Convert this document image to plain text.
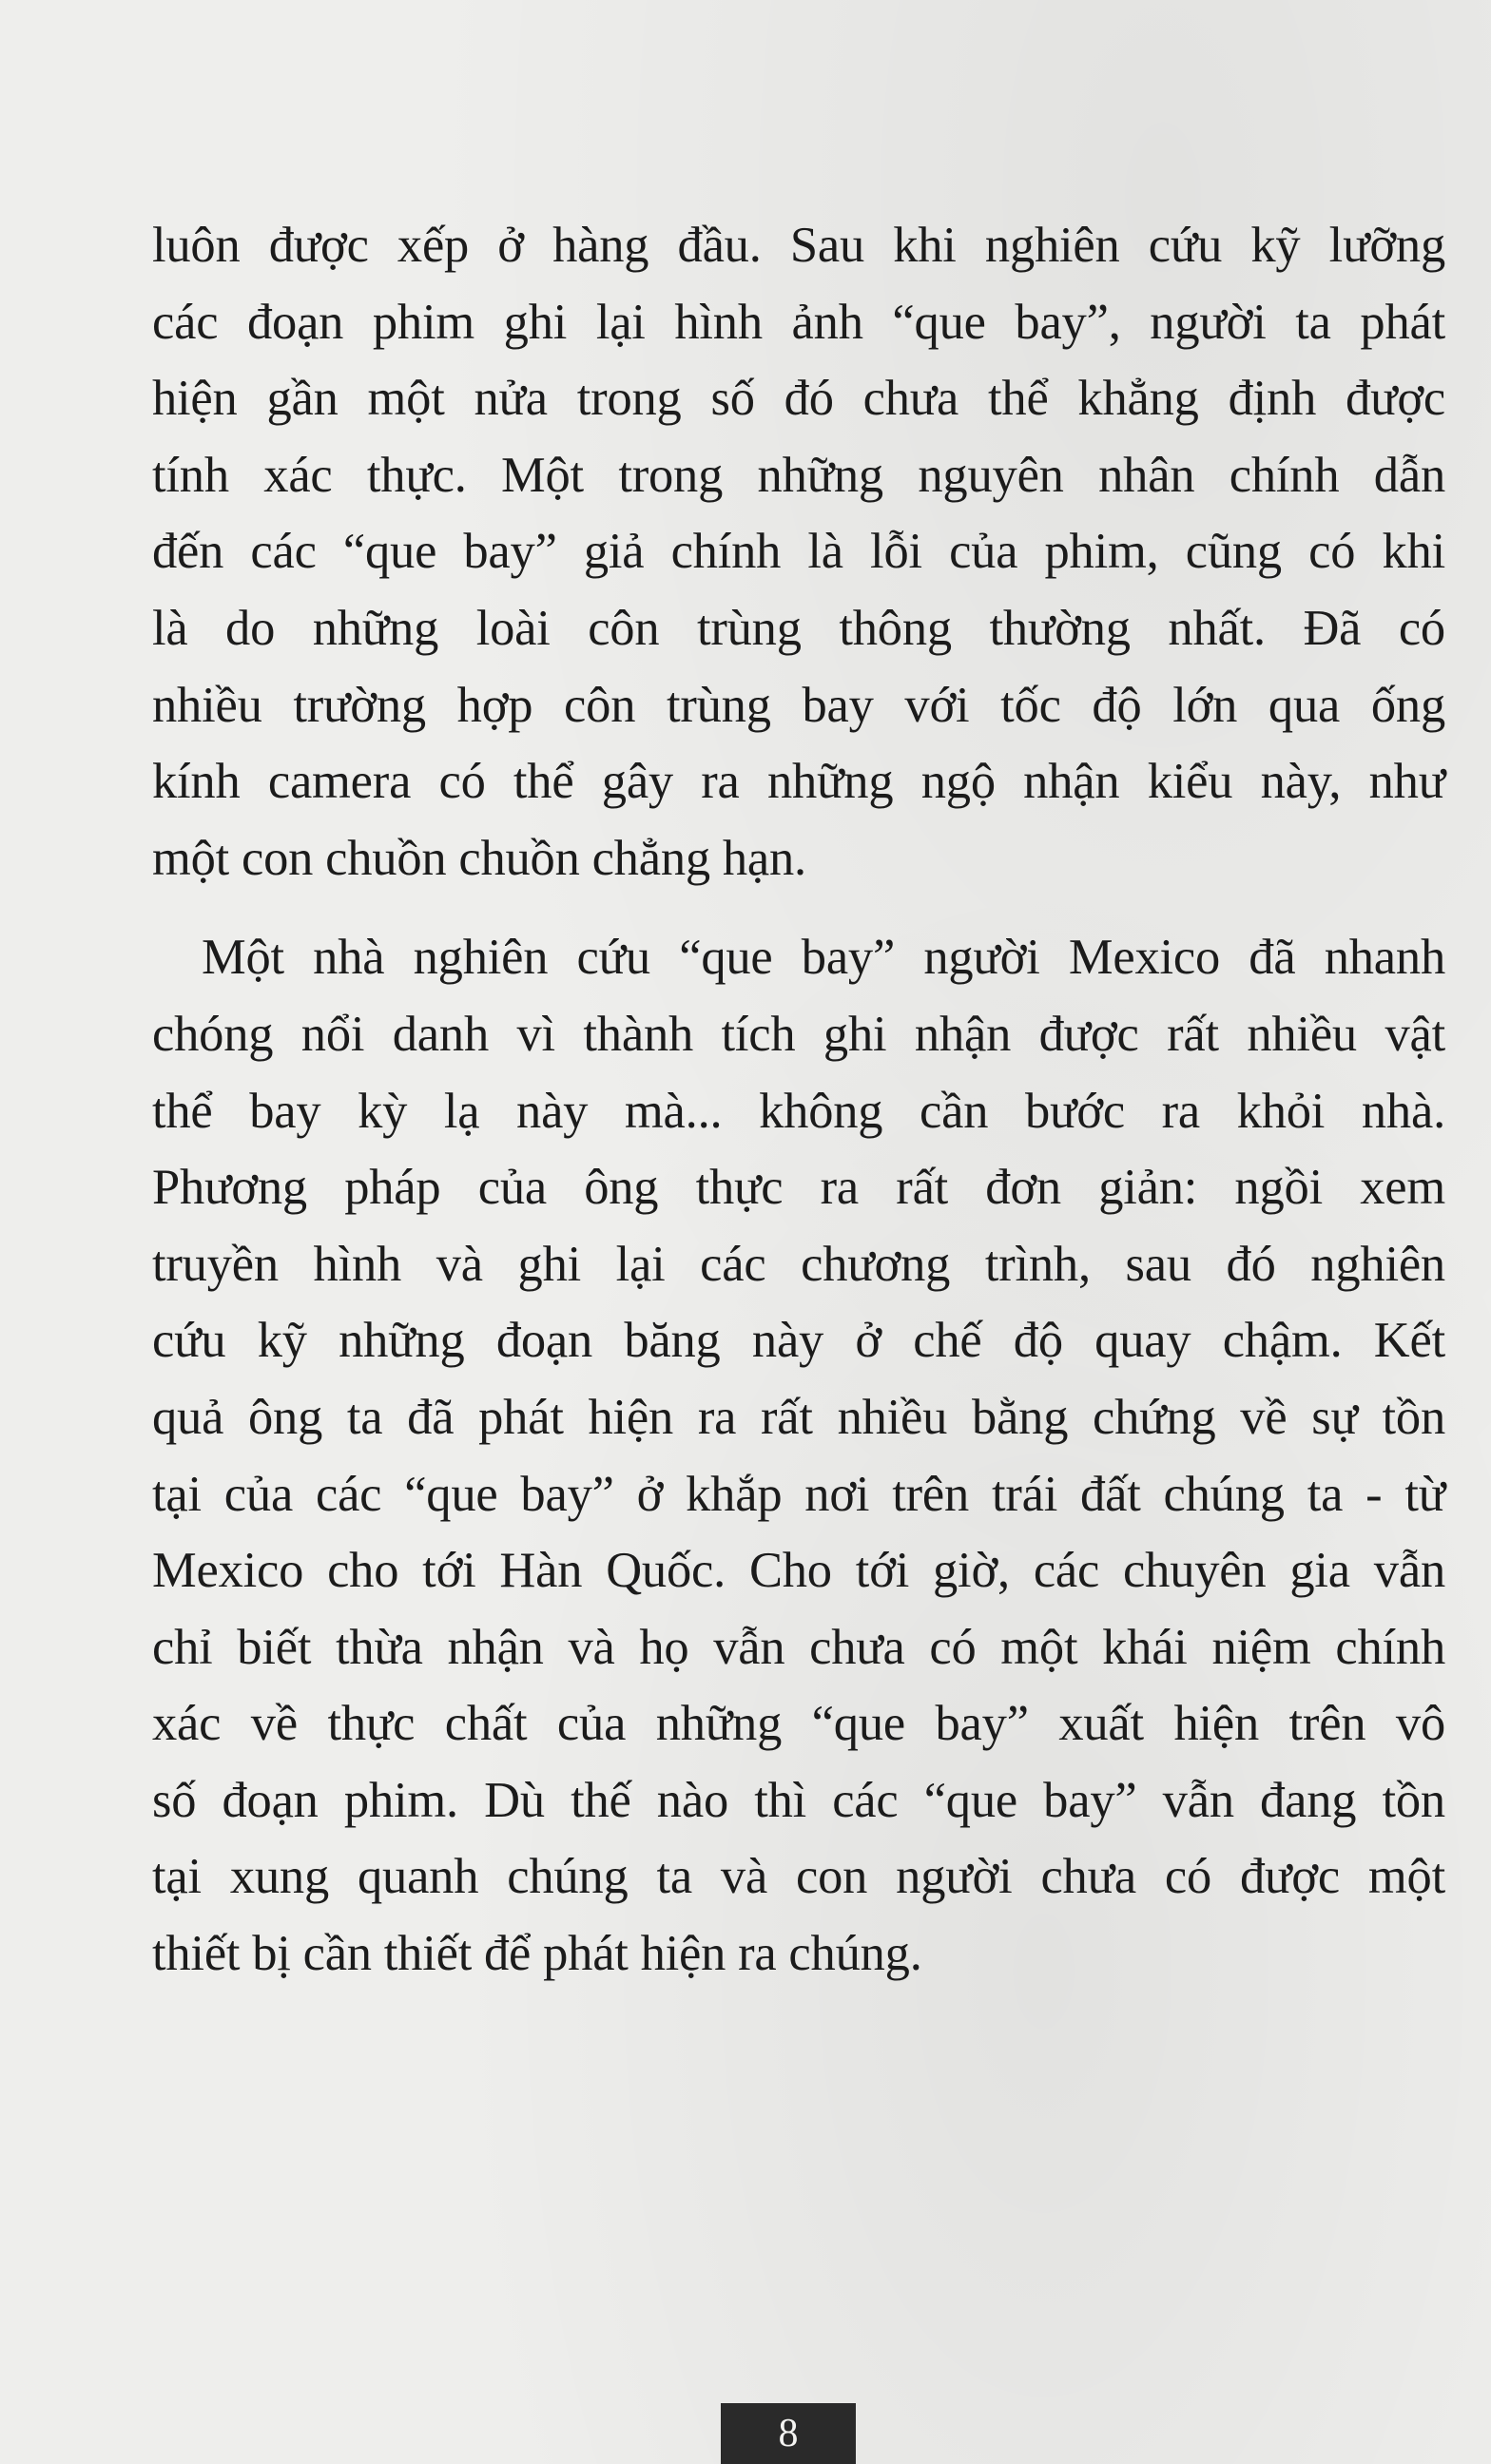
luôn được xếp ở hàng đầu. Sau khi nghiên cứu kỹ lưỡng
các đoạn phim ghi lại hình ảnh “que bay”, người ta phát
hiện gần một nửa trong số đó chưa thể khẳng định được
tính xác thực. Một trong những nguyên nhân chính dẫn
đến các “que bay” giả chính là lỗi của phim, cũng có khi
là do những loài côn trùng thông thường nhất. Đã có
nhiều trường hợp côn trùng bay với tốc độ lớn qua ống
kính camera có thể gây ra những ngộ nhận kiểu này, như
một con chuồn chuồn chẳng hạn.
Một nhà nghiên cứu “que bay” người Mexico đã nhanh
chóng nổi danh vì thành tích ghi nhận được rất nhiều vật
thể bay kỳ lạ này mà... không cần bước ra khỏi nhà.
Phương pháp của ông thực ra rất đơn giản: ngồi xem
truyền hình và ghi lại các chương trình, sau đó nghiên
cứu kỹ những đoạn băng này ở chế độ quay chậm. Kết
quả ông ta đã phát hiện ra rất nhiều bằng chứng về sự tồn
tại của các “que bay” ở khắp nơi trên trái đất chúng ta - từ
Mexico cho tới Hàn Quốc. Cho tới giờ, các chuyên gia vẫn
chỉ biết thừa nhận và họ vẫn chưa có một khái niệm chính
xác về thực chất của những “que bay” xuất hiện trên vô
số đoạn phim. Dù thế nào thì các “que bay” vẫn đang tồn
tại xung quanh chúng ta và con người chưa có được một
thiết bị cần thiết để phát hiện ra chúng.
8
